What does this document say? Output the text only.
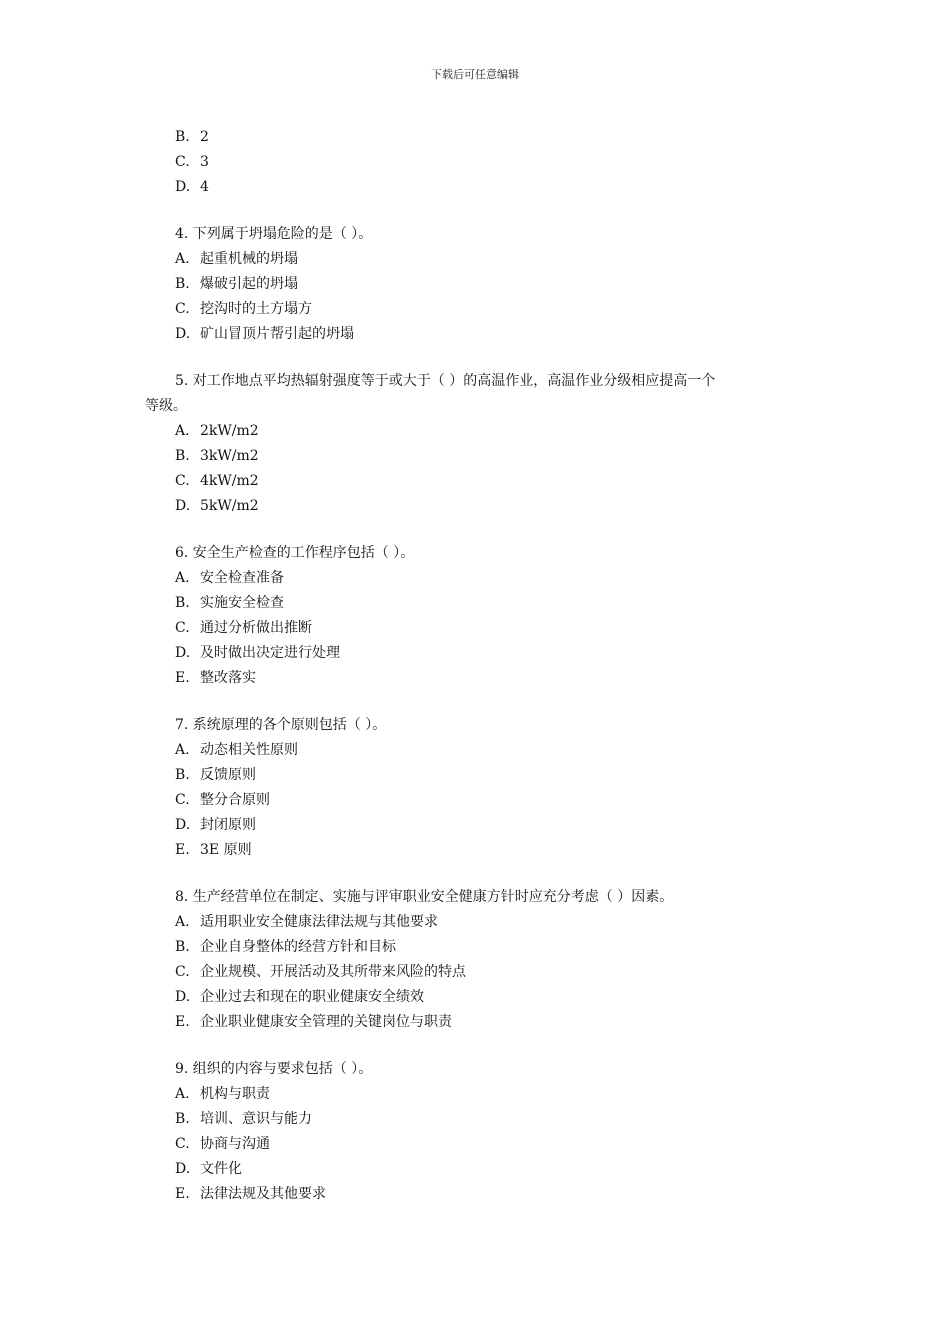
下载后可任意编辑
B. 2
C. 3
D. 4
4. 下列属于坍塌危险的是（ ）。
A. 起重机械的坍塌
B. 爆破引起的坍塌
C. 挖沟时的土方塌方
D. 矿山冒顶片帮引起的坍塌
5. 对工作地点平均热辐射强度等于或大于（ ）的高温作业，高温作业分级相应提高一个
等级。
A. 2kW/m2
B. 3kW/m2
C. 4kW/m2
D. 5kW/m2
6. 安全生产检查的工作程序包括（ ）。
A. 安全检查准备
B. 实施安全检查
C. 通过分析做出推断
D. 及时做出决定进行处理
E. 整改落实
7. 系统原理的各个原则包括（ ）。
A. 动态相关性原则
B. 反馈原则
C. 整分合原则
D. 封闭原则
E. 3E 原则
8. 生产经营单位在制定、实施与评审职业安全健康方针时应充分考虑（ ）因素。
A. 适用职业安全健康法律法规与其他要求
B. 企业自身整体的经营方针和目标
C. 企业规模、开展活动及其所带来风险的特点
D. 企业过去和现在的职业健康安全绩效
E. 企业职业健康安全管理的关键岗位与职责
9. 组织的内容与要求包括（ ）。
A. 机构与职责
B. 培训、意识与能力
C. 协商与沟通
D. 文件化
E. 法律法规及其他要求
